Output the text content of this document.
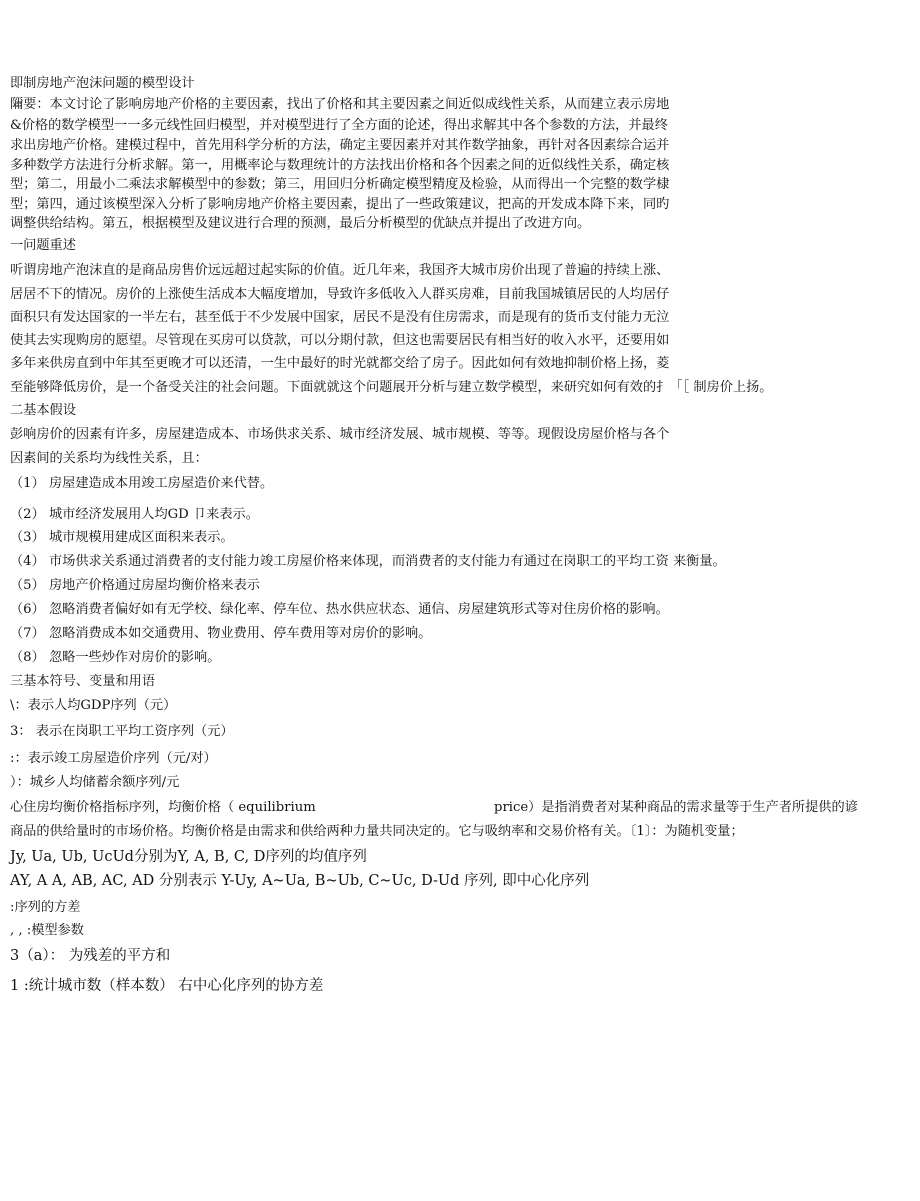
即制房地产泡沫问题的模型设计
隬要：本文讨论了影响房地产价格的主要因素，找出了价格和其主要因素之间近似成线性关系，从而建立表示房地
&价格的数学模型一一多元线性回归模型，并对模型进行了全方面的论述，得出求解其中各个参数的方法，并最终
求出房地产价格。建模过程中，首先用科学分析的方法，确定主要因素并对其作数学抽象，再针对各因素综合运并
多种数学方法进行分析求解。第一，用概率论与数理统计的方法找出价格和各个因素之间的近似线性关系，确定核
型；第二，用最小二乘法求解模型中的参数；第三，用回归分析确定模型精度及检验，从而得出一个完整的数学棣
型；第四，通过该模型深入分析了影响房地产价格主要因素，提出了一些政策建议，把高的开发成本降下来，同旳
调整供给结构。第五，根据模型及建议进行合理的预测，最后分析模型的优缺点并提出了改进方向。
一问题重述
听谓房地产泡沫直的是商品房售价远远超过起实际的价值。近几年来，我国齐大城市房价出现了普遍的持续上涨、
居居不下的情况。房价的上涨使生活成本大幅度增加，导致许多低收入人群买房难，目前我国城镇居民的人均居仔
面积只有发达国家的一半左右，甚至低于不少发展中国家，居民不是没有住房需求，而是现有的货币支付能力无泣
使其去实现购房的愿望。尽管现在买房可以贷款，可以分期付款，但这也需要居民有相当好的收入水平，还要用如
多年来供房直到中年其至更晚才可以还清，一生中最好的时光就都交给了房子。因此如何有效地抑制价格上扬，菱
至能够降低房价，是一个备受关注的社会问题。下面就就这个问题展开分析与建立数学模型，来研究如何有效的扌「［ 制房价上扬。
二基本假设
彭响房价的因素有许多，房屋建造成本、市场供求关系、城市经济发展、城市规模、等等。现假设房屋价格与各个
因素间的关系均为线性关系，且：
（1） 房屋建造成本用竣工房屋造价来代替。
（2） 城市经济发展用人均GD 卩来表示。
（3） 城市规模用建成区面积来表示。
（4） 市场供求关系通过消费者的支付能力竣工房屋价格来体现，而消费者的支付能力有通过在岗职工的平均工资 来衡量。
（5） 房地产价格通过房屋均衡价格来表示
（6） 忽略消费者偏好如有无学校、绿化率、停车位、热水供应状态、通信、房屋建筑形式等对住房价格的影响。
（7） 忽略消费成本如交通费用、物业费用、停车费用等对房价的影响。
（8） 忽略一些炒作对房价的影响。
三基本符号、变量和用语
\：表示人均GDP序列（元）
3： 表示在岗职工平均工资序列（元）
:：表示竣工房屋造价序列（元/对）
）：城乡人均储蓄余额序列/元
心住房均衡价格指标序列，均衡价格（ equilibrium	price）是指消费者对某种商品的需求量等于生产者所提供的谚
商品的供给量时的市场价格。均衡价格是由需求和供给两种力量共同决定的。它与吸纳率和交易价格有关。〔1〕：为随机变量；
Jy, Ua, Ub, UcUd分别为Y, A, B, C, D序列的均值序列
AY, A A, AB, AC, AD 分别表示 Y-Uy, A~Ua, B~Ub, C~Uc, D-Ud 序列, 即中心化序列
:序列的方差
, , :模型参数
3（a）： 为残差的平方和
1 :统计城市数（样本数） 右中心化序列的协方差
